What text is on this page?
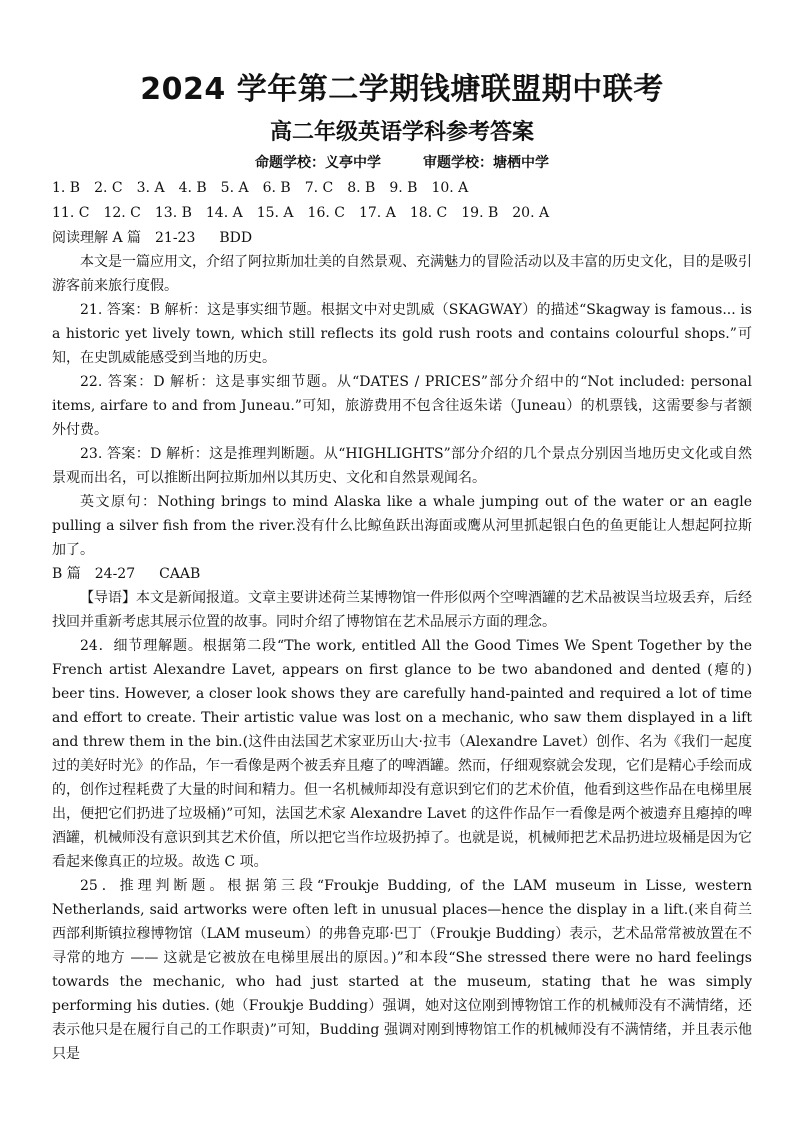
2024 学年第二学期钱塘联盟期中联考
高二年级英语学科参考答案
命题学校：义亭中学	审题学校：塘栖中学
1. B 2. C 3. A 4. B 5. A 6. B 7. C 8. B 9. B 10. A
11. C 12. C 13. B 14. A 15. A 16. C 17. A 18. C 19. B 20. A
阅读理解 A 篇 21-23 BDD

本文是一篇应用文，介绍了阿拉斯加壮美的自然景观、充满魅力的冒险活动以及丰富的历史文化，目的是吸引游客前来旅行度假。

21. 答案：B 解析：这是事实细节题。根据文中对史凯威（SKAGWAY）的描述“Skagway is famous... is a historic yet lively town, which still reflects its gold rush roots and contains colourful shops.”可知，在史凯威能感受到当地的历史。

22. 答案：D 解析：这是事实细节题。从“DATES / PRICES”部分介绍中的“Not included: personal items, airfare to and from Juneau.”可知，旅游费用不包含往返朱诺（Juneau）的机票钱，这需要参与者额外付费。

23. 答案：D 解析：这是推理判断题。从“HIGHLIGHTS”部分介绍的几个景点分别因当地历史文化或自然景观而出名，可以推断出阿拉斯加州以其历史、文化和自然景观闻名。

英文原句：Nothing brings to mind Alaska like a whale jumping out of the water or an eagle pulling a silver fish from the river.没有什么比鲸鱼跃出海面或鹰从河里抓起银白色的鱼更能让人想起阿拉斯加了。

B 篇 24-27 CAAB

【导语】本文是新闻报道。文章主要讲述荷兰某博物馆一件形似两个空啤酒罐的艺术品被误当垃圾丢弃，后经找回并重新考虑其展示位置的故事。同时介绍了博物馆在艺术品展示方面的理念。

24．细节理解题。根据第二段“The work, entitled All the Good Times We Spent Together by the French artist Alexandre Lavet, appears on first glance to be two abandoned and dented (瘪的) beer tins. However, a closer look shows they are carefully hand-painted and required a lot of time and effort to create. Their artistic value was lost on a mechanic, who saw them displayed in a lift and threw them in the bin.(这件由法国艺术家亚历山大·拉韦（Alexandre Lavet）创作、名为《我们一起度过的美好时光》的作品，乍一看像是两个被丢弃且瘪了的啤酒罐。然而，仔细观察就会发现，它们是精心手绘而成的，创作过程耗费了大量的时间和精力。但一名机械师却没有意识到它们的艺术价值，他看到这些作品在电梯里展出，便把它们扔进了垃圾桶)”可知，法国艺术家 Alexandre Lavet 的这件作品乍一看像是两个被遗弃且瘪掉的啤酒罐，机械师没有意识到其艺术价值，所以把它当作垃圾扔掉了。也就是说，机械师把艺术品扔进垃圾桶是因为它看起来像真正的垃圾。故选 C 项。

25．推理判断题。根据第三段“Froukje Budding, of the LAM museum in Lisse, western Netherlands, said artworks were often left in unusual places—hence the display in a lift.(来自荷兰西部利斯镇拉穆博物馆（LAM museum）的弗鲁克耶·巴丁（Froukje Budding）表示，艺术品常常被放置在不寻常的地方 —— 这就是它被放在电梯里展出的原因。)”和本段“She stressed there were no hard feelings towards the mechanic, who had just started at the museum, stating that he was simply performing his duties. (她（Froukje Budding）强调，她对这位刚到博物馆工作的机械师没有不满情绪，还表示他只是在履行自己的工作职责)”可知，Budding 强调对刚到博物馆工作的机械师没有不满情绪，并且表示他只是
